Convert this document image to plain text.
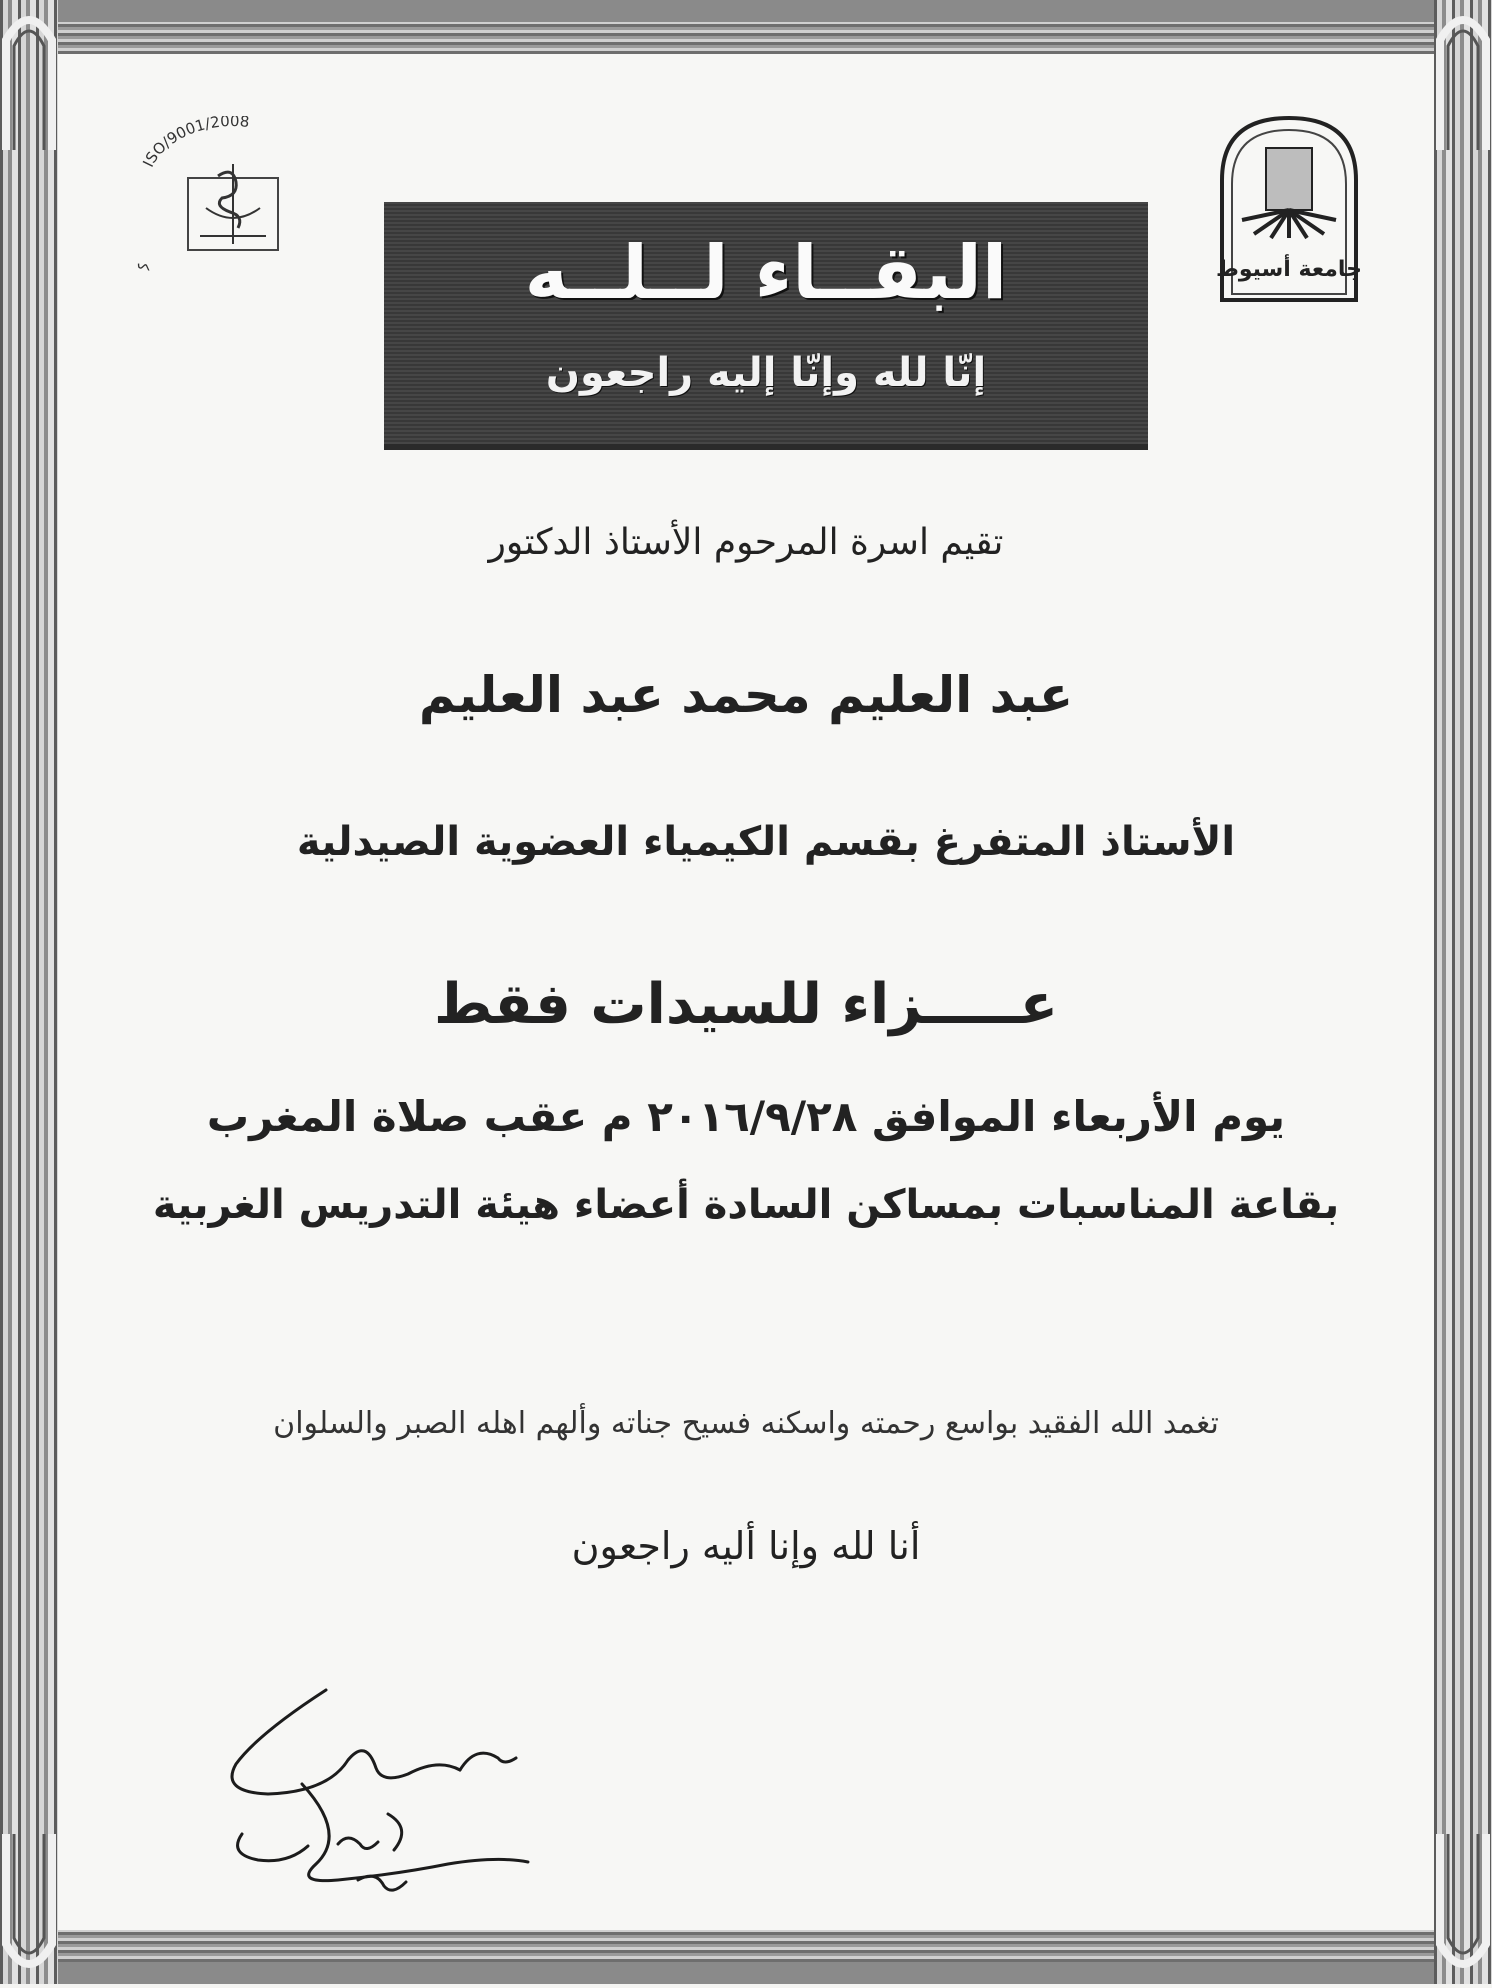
ISO/9001/2008
ك	جامعة أسيوط
البقــاء لــلــه
إنّا لله وإنّا إليه راجعون
تقيم اسرة المرحوم الأستاذ الدكتور
عبد العليم محمد عبد العليم
الأستاذ المتفرغ بقسم الكيمياء العضوية الصيدلية
عـــــزاء للسيدات فقط
يوم الأربعاء الموافق ٢٠١٦/٩/٢٨ م عقب صلاة المغرب
بقاعة المناسبات بمساكن السادة أعضاء هيئة التدريس الغربية
تغمد الله الفقيد بواسع رحمته واسكنه فسيح جناته وألهم اهله الصبر والسلوان
أنا لله وإنا أليه راجعون
